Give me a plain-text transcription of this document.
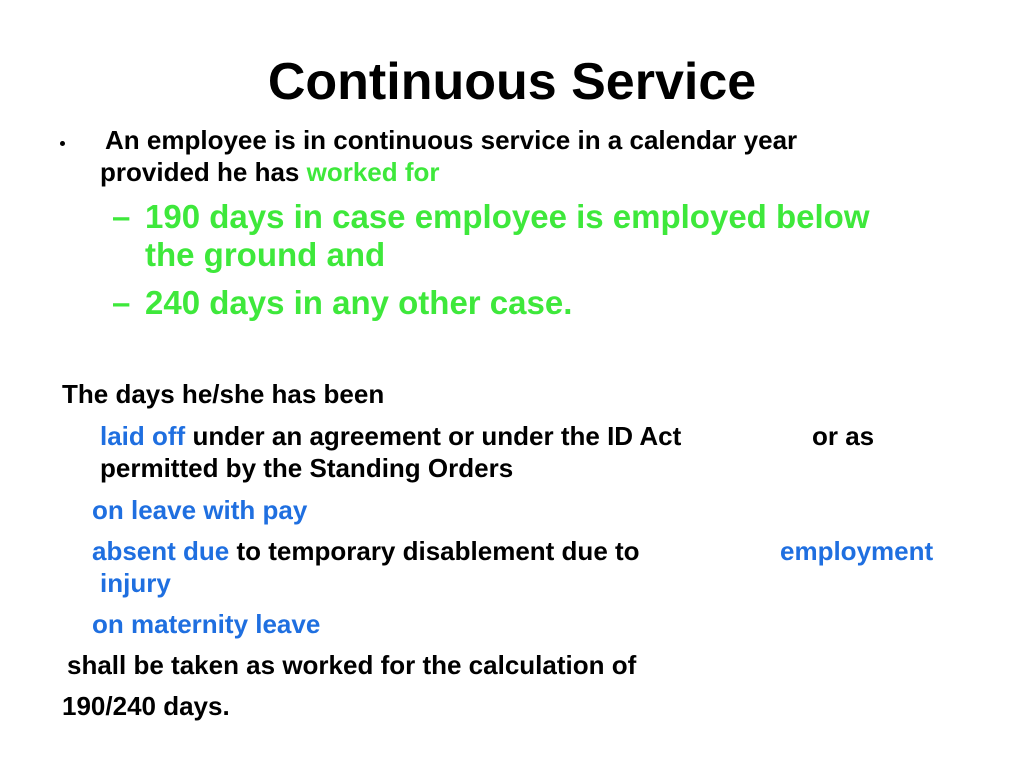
Continuous Service
An employee is in continuous service in a calendar year
provided he has worked for
– 190 days in case employee is employed below
the ground and
– 240 days in any other case.
The days he/she has been
laid off under an agreement or under the ID Act	or as
permitted by the Standing Orders
on leave with pay
absent due to temporary disablement due to	employment
injury
on maternity leave
shall be taken as worked for the calculation of
190/240 days.
